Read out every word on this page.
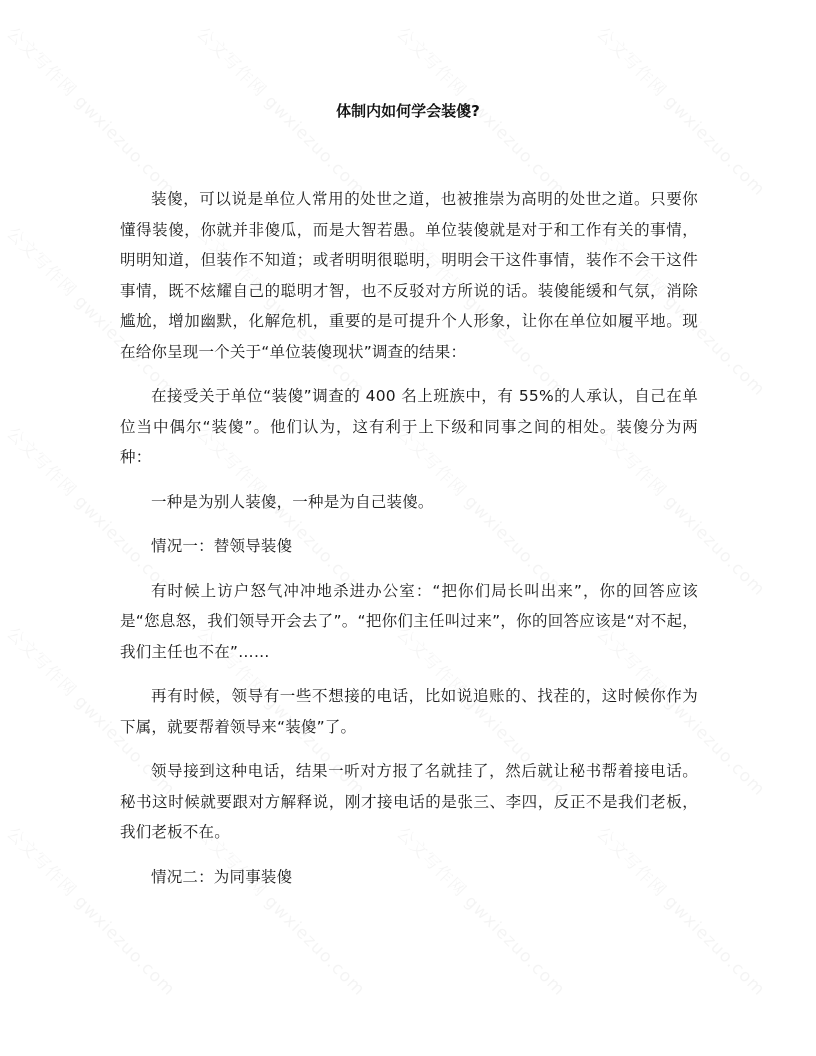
体制内如何学会装傻?

装傻，可以说是单位人常用的处世之道，也被推崇为高明的处世之道。只要你懂得装傻，你就并非傻瓜，而是大智若愚。单位装傻就是对于和工作有关的事情，明明知道，但装作不知道；或者明明很聪明，明明会干这件事情，装作不会干这件事情，既不炫耀自己的聪明才智，也不反驳对方所说的话。装傻能缓和气氛，消除尴尬，增加幽默，化解危机，重要的是可提升个人形象，让你在单位如履平地。现在给你呈现一个关于“单位装傻现状”调查的结果：

在接受关于单位“装傻”调查的 400 名上班族中，有 55%的人承认，自己在单位当中偶尔“装傻”。他们认为，这有利于上下级和同事之间的相处。装傻分为两种：

一种是为别人装傻，一种是为自己装傻。

情况一：替领导装傻

有时候上访户怒气冲冲地杀进办公室：“把你们局长叫出来”，你的回答应该是“您息怒，我们领导开会去了”。“把你们主任叫过来”，你的回答应该是“对不起，我们主任也不在”……

再有时候，领导有一些不想接的电话，比如说追账的、找茬的，这时候你作为下属，就要帮着领导来“装傻”了。

领导接到这种电话，结果一听对方报了名就挂了，然后就让秘书帮着接电话。秘书这时候就要跟对方解释说，刚才接电话的是张三、李四，反正不是我们老板，我们老板不在。

情况二：为同事装傻
